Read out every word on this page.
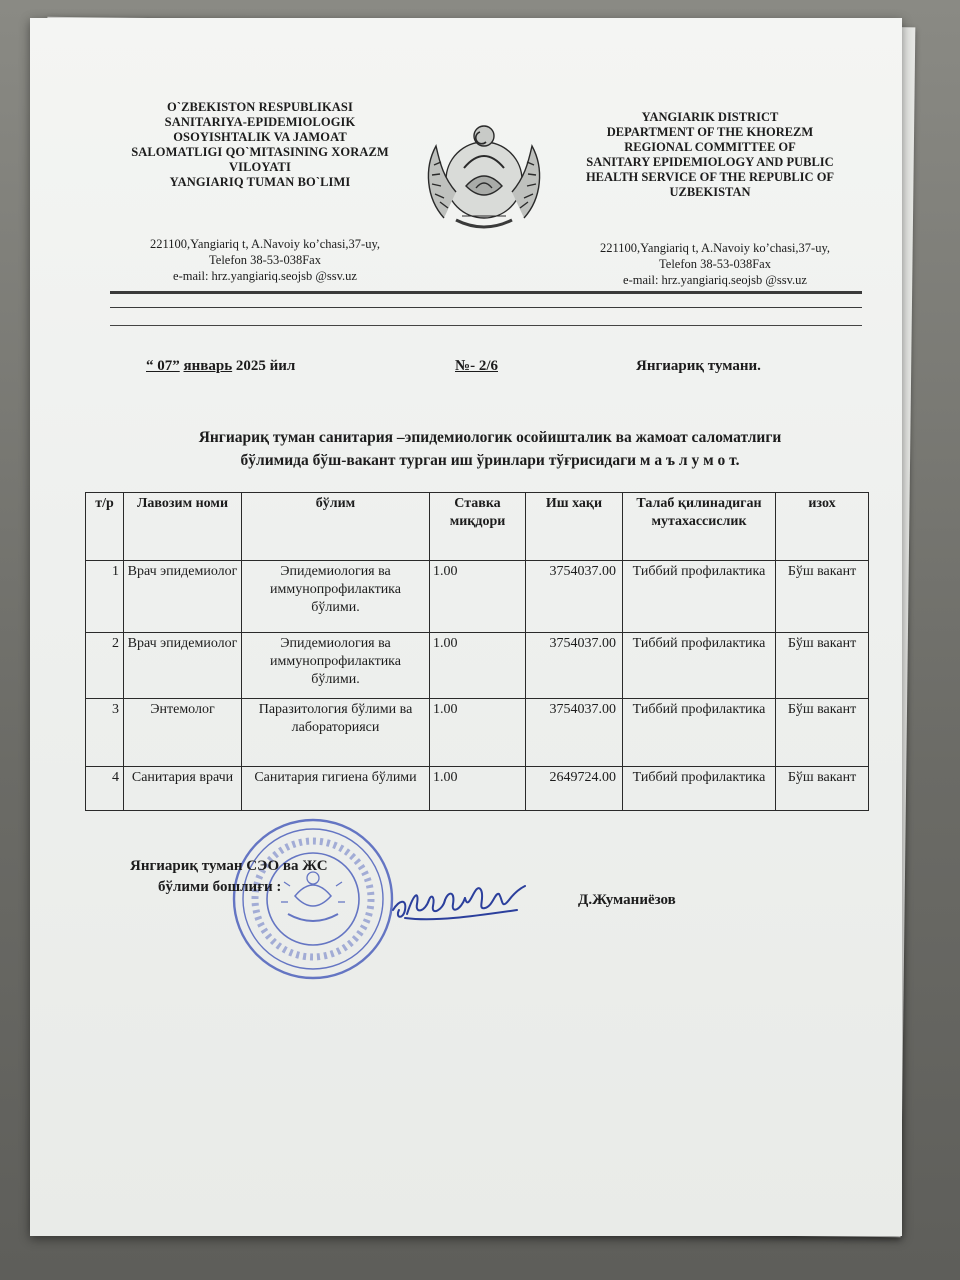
O`ZBEKISTON RESPUBLIKASI
SANITARIYA-EPIDEMIOLOGIK
OSOYISHTALIK VA JAMOAT
SALOMATLIGI QO`MITASINING XORAZM
VILOYATI
YANGIARIQ TUMAN BO`LIMI
YANGIARIK DISTRICT
DEPARTMENT OF THE KHOREZM
REGIONAL COMMITTEE OF
SANITARY EPIDEMIOLOGY AND PUBLIC
HEALTH SERVICE OF THE REPUBLIC OF
UZBEKISTAN
221100,Yangiariq t, A.Navoiy ko’chasi,37-uy,
Telefon 38-53-038Fax
e-mail: hrz.yangiariq.seojsb @ssv.uz
221100,Yangiariq t, A.Navoiy ko’chasi,37-uy,
Telefon 38-53-038Fax
e-mail: hrz.yangiariq.seojsb @ssv.uz
“ 07” январь 2025 йил	№- 2/6	Янгиариқ тумани.
Янгиариқ туман санитария –эпидемиологик осойишталик ва жамоат саломатлиги
бўлимида бўш-вакант турган иш ўринлари тўғрисидаги м а ъ л у м о т.
т/р	Лавозим номи	бўлим	Ставка миқдори	Иш хақи	Талаб қилинадиган мутахассислик	изох
1	Врач эпидемиолог	Эпидемиология ва иммунопрофилактика бўлими.	1.00	3754037.00	Тиббий профилактика	Бўш вакант
2	Врач эпидемиолог	Эпидемиология ва иммунопрофилактика бўлими.	1.00	3754037.00	Тиббий профилактика	Бўш вакант
3	Энтемолог	Паразитология бўлими ва лабораторияси	1.00	3754037.00	Тиббий профилактика	Бўш вакант
4	Санитария врачи	Санитария гигиена бўлими	1.00	2649724.00	Тиббий профилактика	Бўш вакант
Янгиариқ туман СЭО ва ЖС
бўлими бошлиғи :
Д.Жуманиёзов
